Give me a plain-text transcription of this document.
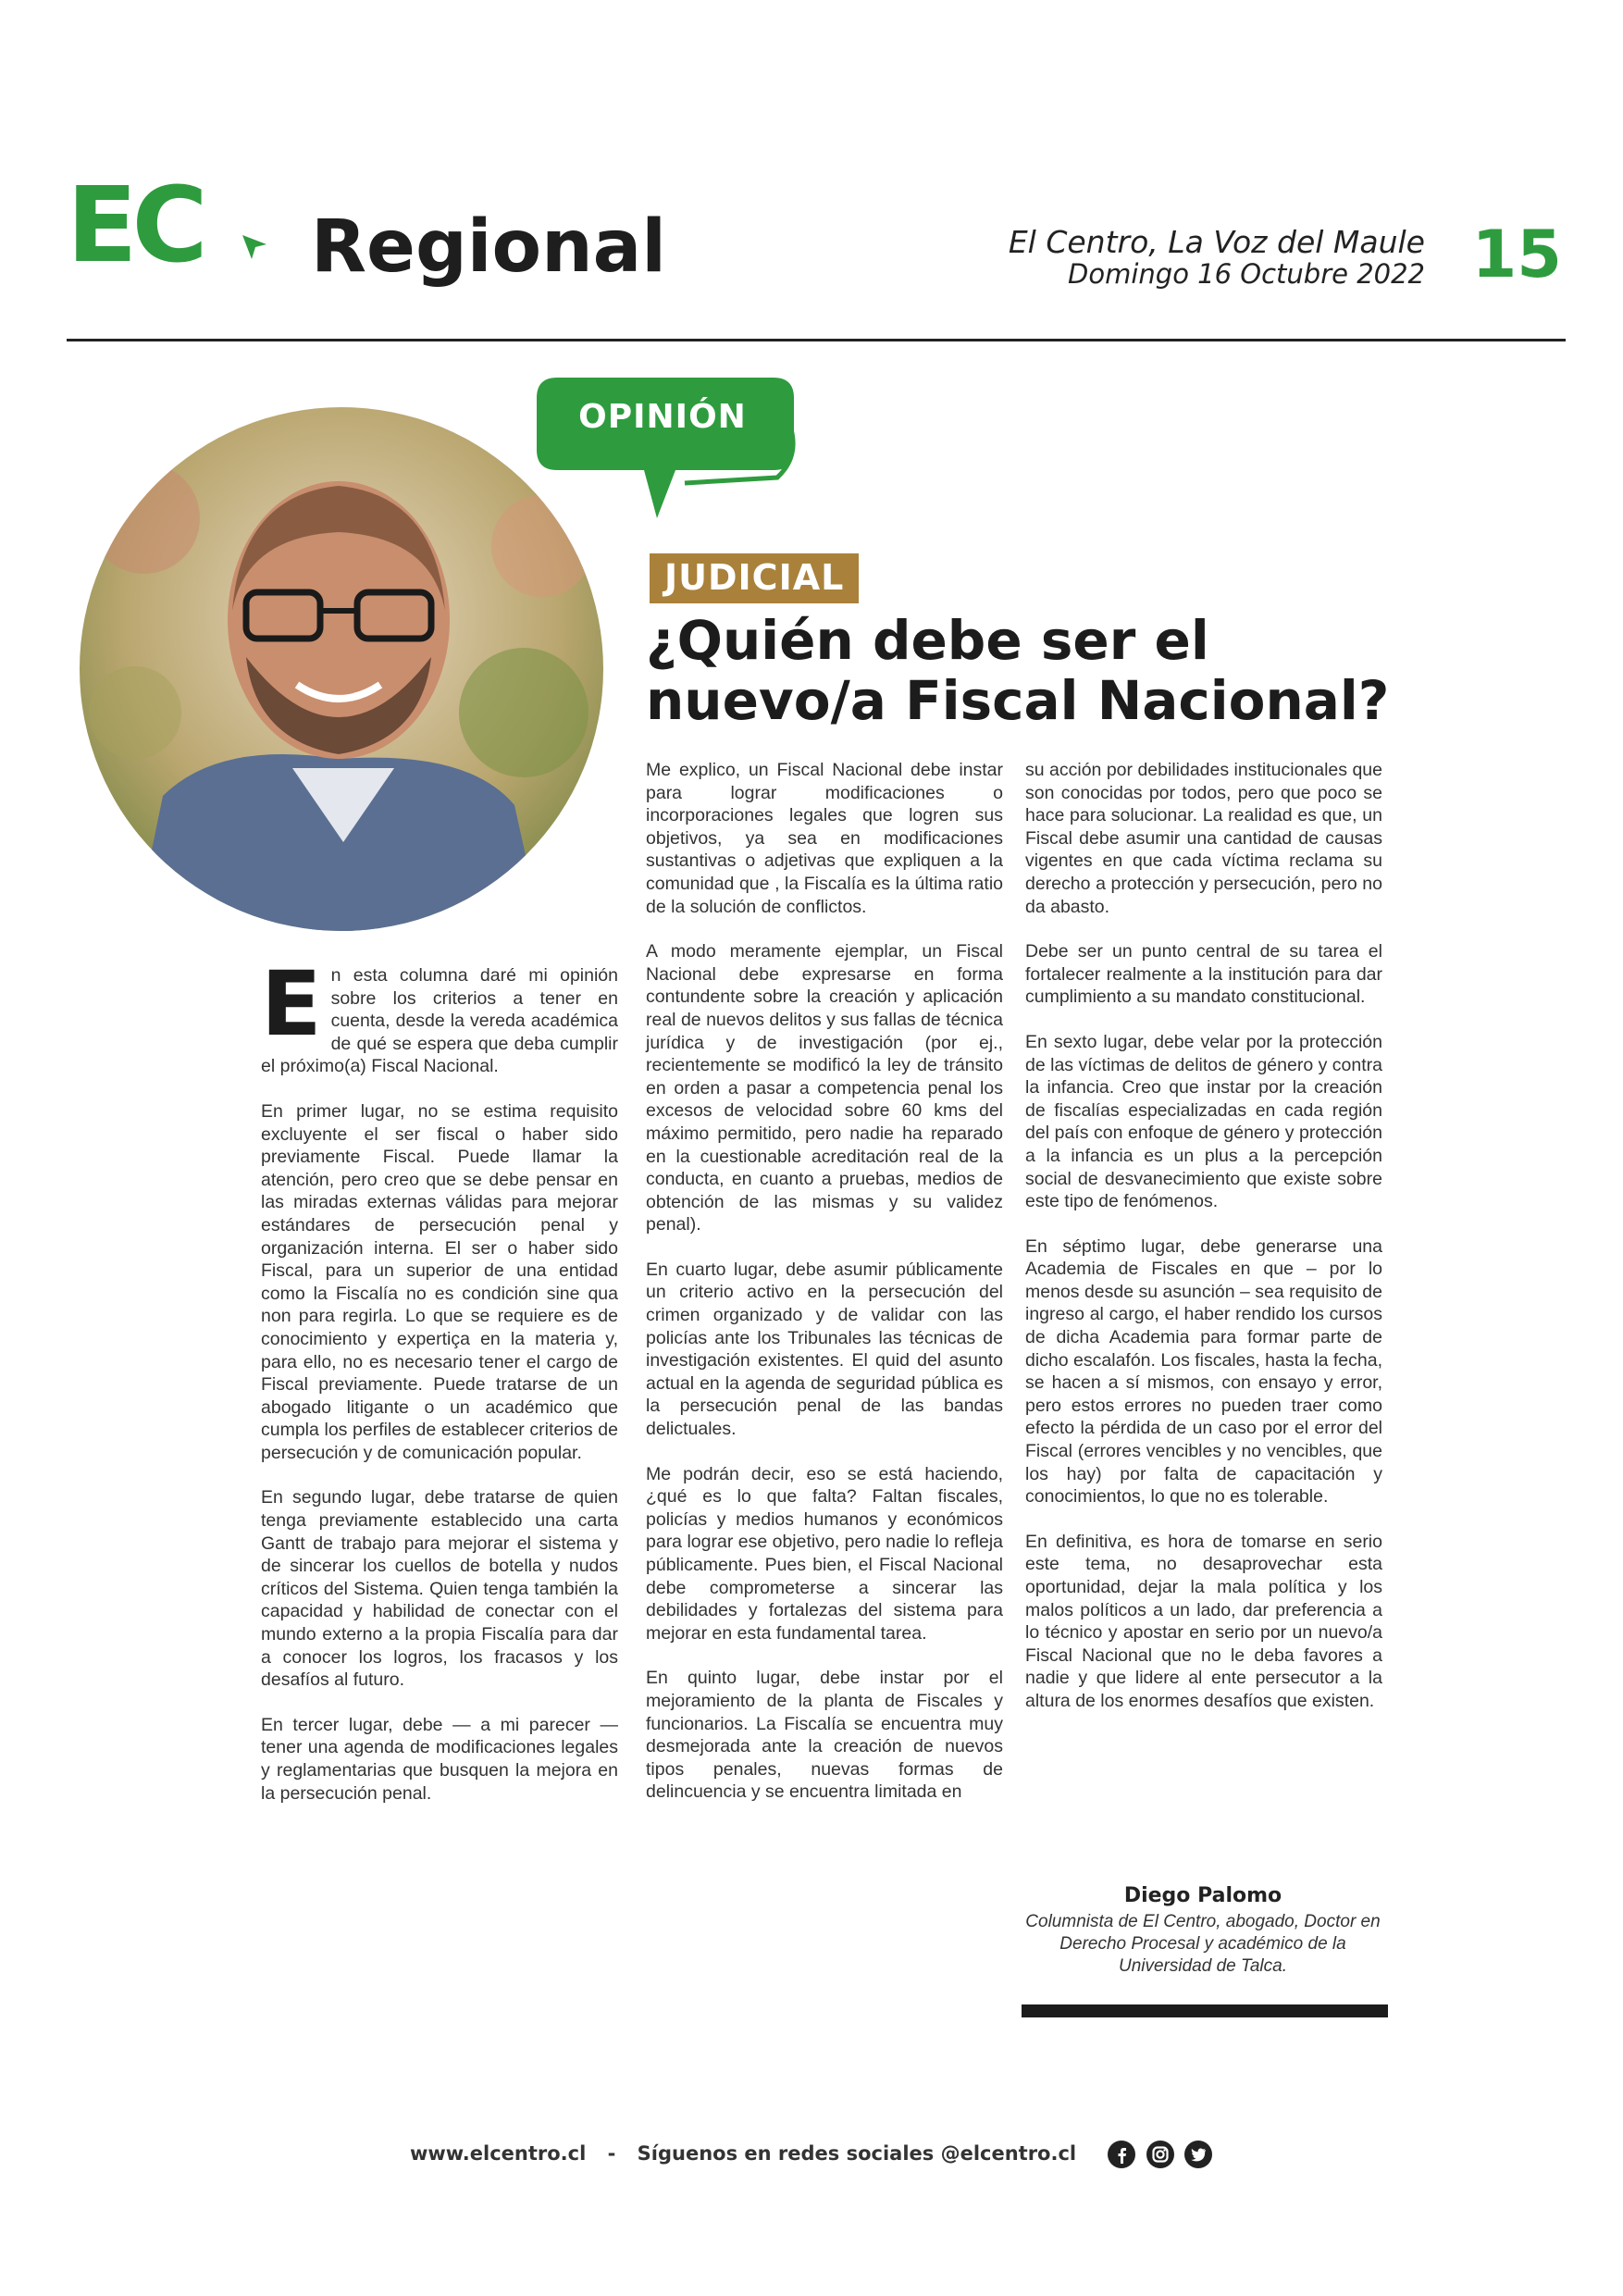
EC Regional	El Centro, La Voz del Maule
Domingo 16 Octubre 2022 15
OPINIÓN
JUDICIAL
¿Quién debe ser el nuevo/a Fiscal Nacional?

En esta columna daré mi opinión sobre los criterios a tener en cuenta, desde la vereda académica de qué se espera que deba cumplir el próximo(a) Fiscal Nacional.

En primer lugar, no se estima requisito excluyente el ser fiscal o haber sido previamente Fiscal. Puede llamar la atención, pero creo que se debe pensar en las miradas externas válidas para mejorar estándares de persecución penal y organización interna. El ser o haber sido Fiscal, para un superior de una entidad como la Fiscalía no es condición sine qua non para regirla. Lo que se requiere es de conocimiento y expertiça en la materia y, para ello, no es necesario tener el cargo de Fiscal previamente. Puede tratarse de un abogado litigante o un académico que cumpla los perfiles de establecer criterios de persecución y de comunicación popular.

En segundo lugar, debe tratarse de quien tenga previamente establecido una carta Gantt de trabajo para mejorar el sistema y de sincerar los cuellos de botella y nudos críticos del Sistema. Quien tenga también la capacidad y habilidad de conectar con el mundo externo a la propia Fiscalía para dar a conocer los logros, los fracasos y los desafíos al futuro.

En tercer lugar, debe — a mi parecer — tener una agenda de modificaciones legales y reglamentarias que busquen la mejora en la persecución penal.

Me explico, un Fiscal Nacional debe instar para lograr modificaciones o incorporaciones legales que logren sus objetivos, ya sea en modificaciones sustantivas o adjetivas que expliquen a la comunidad que , la Fiscalía es la última ratio de la solución de conflictos.

A modo meramente ejemplar, un Fiscal Nacional debe expresarse en forma contundente sobre la creación y aplicación real de nuevos delitos y sus fallas de técnica jurídica y de investigación (por ej., recientemente se modificó la ley de tránsito en orden a pasar a competencia penal los excesos de velocidad sobre 60 kms del máximo permitido, pero nadie ha reparado en la cuestionable acreditación real de la conducta, en cuanto a pruebas, medios de obtención de las mismas y su validez penal).

En cuarto lugar, debe asumir públicamente un criterio activo en la persecución del crimen organizado y de validar con las policías ante los Tribunales las técnicas de investigación existentes. El quid del asunto actual en la agenda de seguridad pública es la persecución penal de las bandas delictuales.

Me podrán decir, eso se está haciendo, ¿qué es lo que falta? Faltan fiscales, policías y medios humanos y económicos para lograr ese objetivo, pero nadie lo refleja públicamente. Pues bien, el Fiscal Nacional debe comprometerse a sincerar las debilidades y fortalezas del sistema para mejorar en esta fundamental tarea.

En quinto lugar, debe instar por el mejoramiento de la planta de Fiscales y funcionarios. La Fiscalía se encuentra muy desmejorada ante la creación de nuevos tipos penales, nuevas formas de delincuencia y se encuentra limitada en

su acción por debilidades institucionales que son conocidas por todos, pero que poco se hace para solucionar. La realidad es que, un Fiscal debe asumir una cantidad de causas vigentes en que cada víctima reclama su derecho a protección y persecución, pero no da abasto.

Debe ser un punto central de su tarea el fortalecer realmente a la institución para dar cumplimiento a su mandato constitucional.

En sexto lugar, debe velar por la protección de las víctimas de delitos de género y contra la infancia. Creo que instar por la creación de fiscalías especializadas en cada región del país con enfoque de género y protección a la infancia es un plus a la percepción social de desvanecimiento que existe sobre este tipo de fenómenos.

En séptimo lugar, debe generarse una Academia de Fiscales en que – por lo menos desde su asunción – sea requisito de ingreso al cargo, el haber rendido los cursos de dicha Academia para formar parte de dicho escalafón. Los fiscales, hasta la fecha, se hacen a sí mismos, con ensayo y error, pero estos errores no pueden traer como efecto la pérdida de un caso por el error del Fiscal (errores vencibles y no vencibles, que los hay) por falta de capacitación y conocimientos, lo que no es tolerable.

En definitiva, es hora de tomarse en serio este tema, no desaprovechar esta oportunidad, dejar la mala política y los malos políticos a un lado, dar preferencia a lo técnico y apostar en serio por un nuevo/a Fiscal Nacional que no le deba favores a nadie y que lidere al ente persecutor a la altura de los enormes desafíos que existen.

Diego Palomo
Columnista de El Centro, abogado, Doctor en Derecho Procesal y académico de la Universidad de Talca.
www.elcentro.cl - Síguenos en redes sociales @elcentro.cl
